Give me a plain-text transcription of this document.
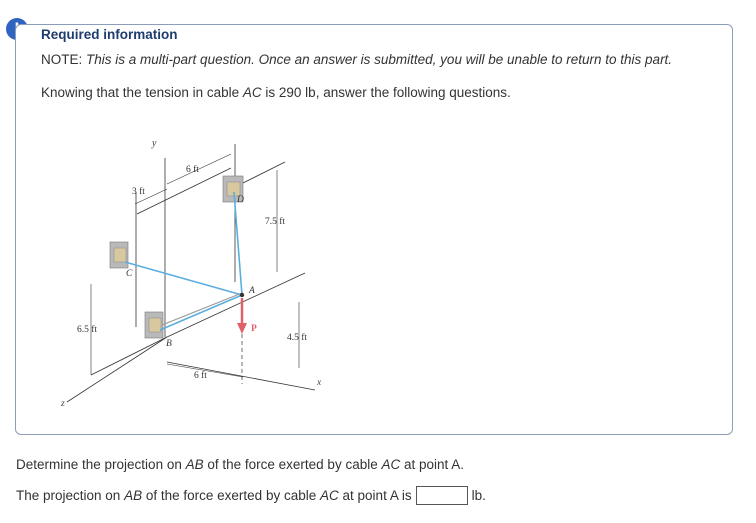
Required information
NOTE: This is a multi-part question. Once an answer is submitted, you will be unable to return to this part.
Knowing that the tension in cable AC is 290 lb, answer the following questions.
y
3 ft
6 ft
7.5 ft
6.5 ft
4.5 ft
6 ft
A
B
C
D
P
x
z
Determine the projection on AB of the force exerted by cable AC at point A.
The projection on
AB
of the force exerted by cable
AC
at point A is	lb.
